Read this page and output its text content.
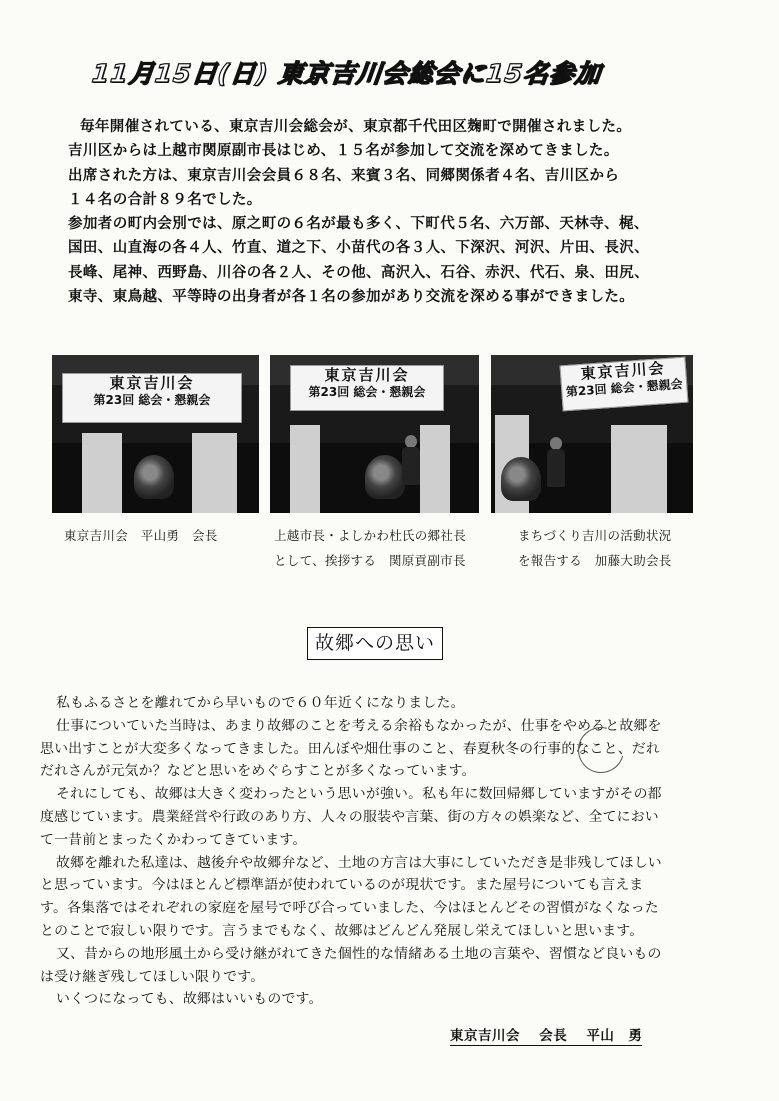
11月15日(日) 東京吉川会総会に15名参加

毎年開催されている、東京吉川会総会が、東京都千代田区麹町で開催されました。

吉川区からは上越市関原副市長はじめ、１５名が参加して交流を深めてきました。

出席された方は、東京吉川会会員６８名、来賓３名、同郷関係者４名、吉川区から

１４名の合計８９名でした。

参加者の町内会別では、原之町の６名が最も多く、下町代５名、六万部、天林寺、梶、

国田、山直海の各４人、竹直、道之下、小苗代の各３人、下深沢、河沢、片田、長沢、

長峰、尾神、西野島、川谷の各２人、その他、高沢入、石谷、赤沢、代石、泉、田尻、

東寺、東鳥越、平等時の出身者が各１名の参加があり交流を深める事ができました。

東京吉川会
第23回 総会・懇親会
東京吉川会
第23回 総会・懇親会
東京吉川会
第23回 総会・懇親会
東京吉川会　平山勇　会長	上越市長・よしかわ杜氏の郷社長
として、挨拶する　関原貢副市長
まちづくり吉川の活動状況
を報告する　加藤大助会長
故郷への思い

私もふるさとを離れてから早いもので６０年近くになりました。

仕事についていた当時は、あまり故郷のことを考える余裕もなかったが、仕事をやめると故郷を

思い出すことが大変多くなってきました。田んぼや畑仕事のこと、春夏秋冬の行事的なこと、だれ

だれさんが元気か？などと思いをめぐらすことが多くなっています。

それにしても、故郷は大きく変わったという思いが強い。私も年に数回帰郷していますがその都

度感じています。農業経営や行政のあり方、人々の服装や言葉、街の方々の娯楽など、全てにおい

て一昔前とまったくかわってきています。

故郷を離れた私達は、越後弁や故郷弁など、土地の方言は大事にしていただき是非残してほしい

と思っています。今はほとんど標準語が使われているのが現状です。また屋号についても言えま

す。各集落ではそれぞれの家庭を屋号で呼び合っていました、今はほとんどその習慣がなくなった

とのことで寂しい限りです。言うまでもなく、故郷はどんどん発展し栄えてほしいと思います。

又、昔からの地形風土から受け継がれてきた個性的な情緒ある土地の言葉や、習慣など良いもの

は受け継ぎ残してほしい限りです。

いくつになっても、故郷はいいものです。

東京吉川会 会長 平山　勇
